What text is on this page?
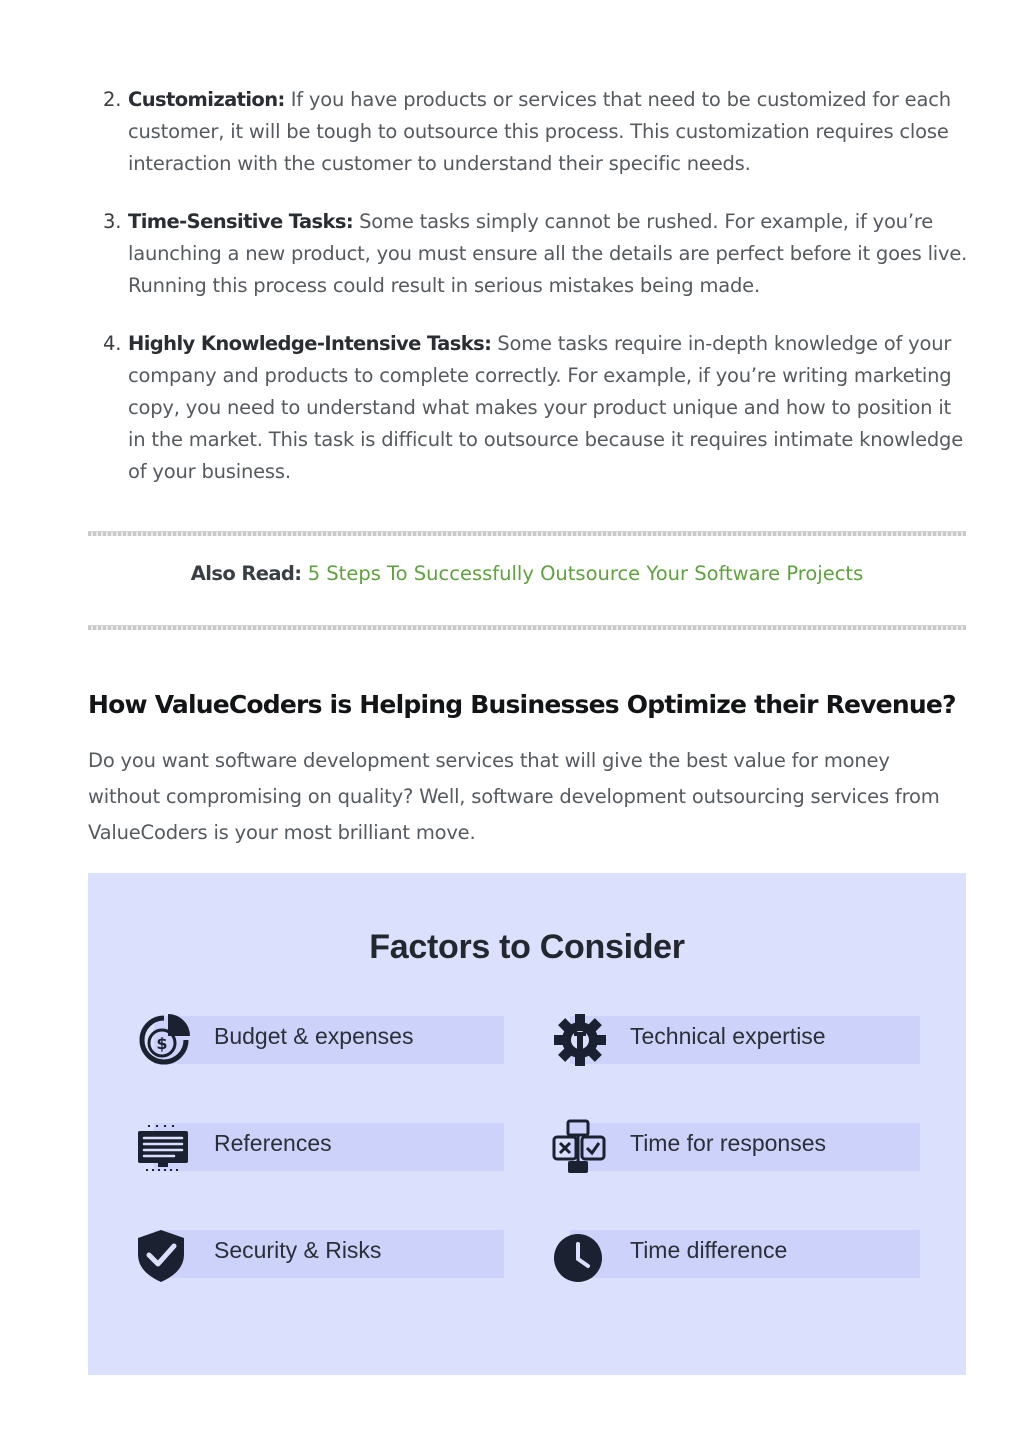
2. Customization: If you have products or services that need to be customized for each customer, it will be tough to outsource this process. This customization requires close interaction with the customer to understand their specific needs.
3. Time-Sensitive Tasks: Some tasks simply cannot be rushed. For example, if you’re launching a new product, you must ensure all the details are perfect before it goes live. Running this process could result in serious mistakes being made.
4. Highly Knowledge-Intensive Tasks: Some tasks require in-depth knowledge of your company and products to complete correctly. For example, if you’re writing marketing copy, you need to understand what makes your product unique and how to position it in the market. This task is difficult to outsource because it requires intimate knowledge of your business.
Also Read: 5 Steps To Successfully Outsource Your Software Projects
How ValueCoders is Helping Businesses Optimize their Revenue?

Do you want software development services that will give the best value for money without compromising on quality? Well, software development outsourcing services from ValueCoders is your most brilliant move.

Factors to Consider
$ Budget & expenses	Technical expertise
References	Time for responses
Security & Risks	Time difference
